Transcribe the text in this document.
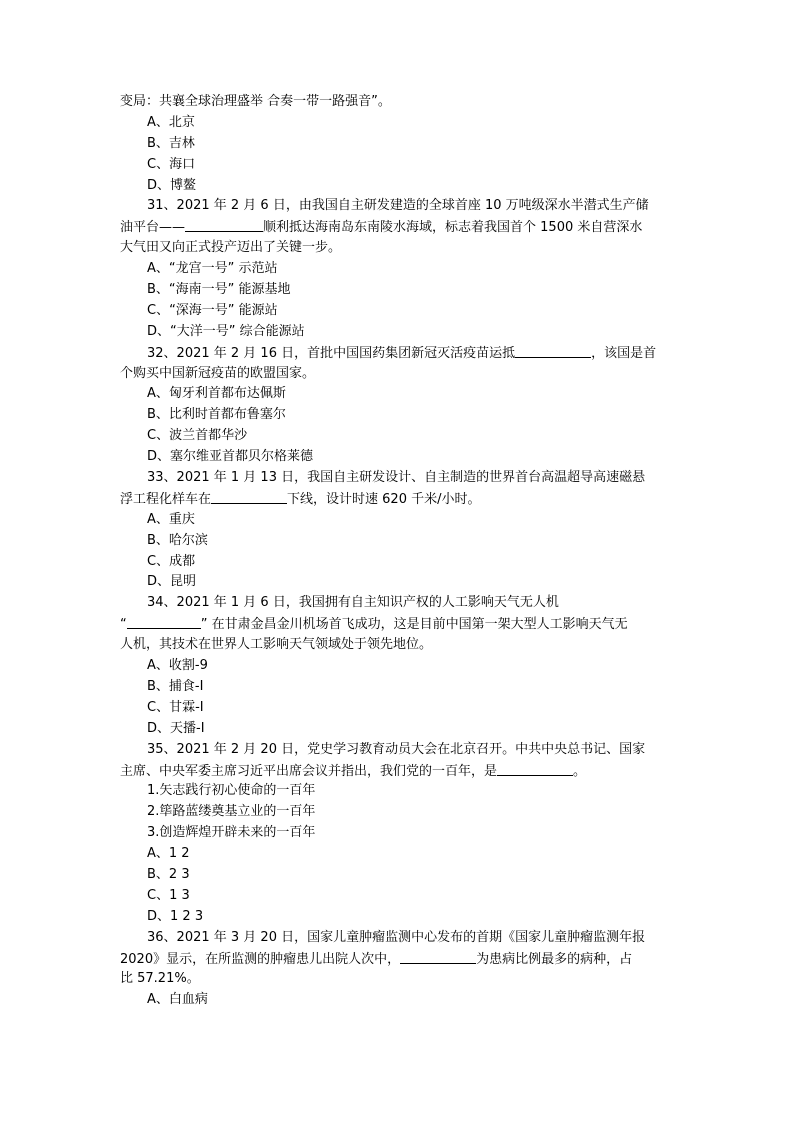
变局：共襄全球治理盛举 合奏一带一路强音”。
A、北京
B、吉林
C、海口
D、博鳌
31、2021 年 2 月 6 日，由我国自主研发建造的全球首座 10 万吨级深水半潜式生产储
油平台——	顺利抵达海南岛东南陵水海域，标志着我国首个 1500 米自营深水
大气田又向正式投产迈出了关键一步。
A、“龙宫一号” 示范站
B、“海南一号” 能源基地
C、“深海一号” 能源站
D、“大洋一号” 综合能源站
32、2021 年 2 月 16 日，首批中国国药集团新冠灭活疫苗运抵	，该国是首
个购买中国新冠疫苗的欧盟国家。
A、匈牙利首都布达佩斯
B、比利时首都布鲁塞尔
C、波兰首都华沙
D、塞尔维亚首都贝尔格莱德
33、2021 年 1 月 13 日，我国自主研发设计、自主制造的世界首台高温超导高速磁悬
浮工程化样车在	下线，设计时速 620 千米/小时。
A、重庆
B、哈尔滨
C、成都
D、昆明
34、2021 年 1 月 6 日，我国拥有自主知识产权的人工影响天气无人机
“	” 在甘肃金昌金川机场首飞成功，这是目前中国第一架大型人工影响天气无
人机，其技术在世界人工影响天气领域处于领先地位。
A、收割-9
B、捕食-Ⅰ
C、甘霖-Ⅰ
D、天播-Ⅰ
35、2021 年 2 月 20 日，党史学习教育动员大会在北京召开。中共中央总书记、国家
主席、中央军委主席习近平出席会议并指出，我们党的一百年，是	。
1.矢志践行初心使命的一百年
2.筚路蓝缕奠基立业的一百年
3.创造辉煌开辟未来的一百年
A、1 2
B、2 3
C、1 3
D、1 2 3
36、2021 年 3 月 20 日，国家儿童肿瘤监测中心发布的首期《国家儿童肿瘤监测年报
2020》显示，在所监测的肿瘤患儿出院人次中，	为患病比例最多的病种，占
比 57.21%。
A、白血病
